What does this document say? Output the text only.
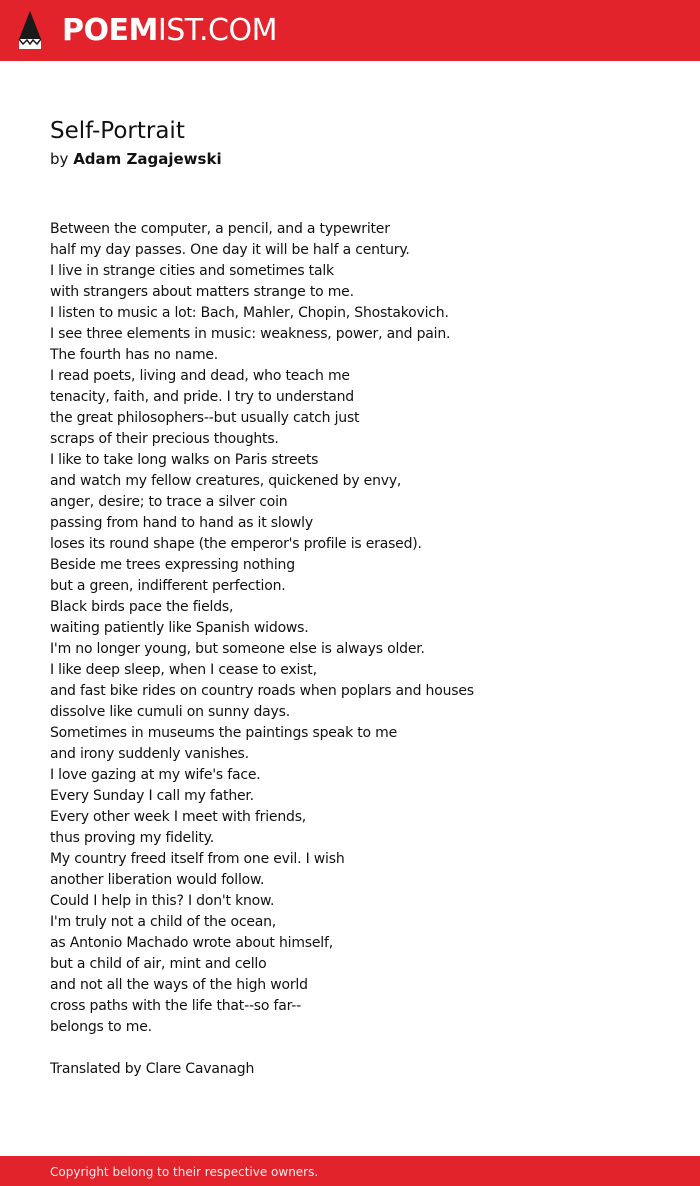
POEMIST.COM
Self-Portrait
by Adam Zagajewski
Between the computer, a pencil, and a typewriter
half my day passes. One day it will be half a century.
I live in strange cities and sometimes talk
with strangers about matters strange to me.
I listen to music a lot: Bach, Mahler, Chopin, Shostakovich.
I see three elements in music: weakness, power, and pain.
The fourth has no name.
I read poets, living and dead, who teach me
tenacity, faith, and pride. I try to understand
the great philosophers--but usually catch just
scraps of their precious thoughts.
I like to take long walks on Paris streets
and watch my fellow creatures, quickened by envy,
anger, desire; to trace a silver coin
passing from hand to hand as it slowly
loses its round shape (the emperor's profile is erased).
Beside me trees expressing nothing
but a green, indifferent perfection.
Black birds pace the fields,
waiting patiently like Spanish widows.
I'm no longer young, but someone else is always older.
I like deep sleep, when I cease to exist,
and fast bike rides on country roads when poplars and houses
dissolve like cumuli on sunny days.
Sometimes in museums the paintings speak to me
and irony suddenly vanishes.
I love gazing at my wife's face.
Every Sunday I call my father.
Every other week I meet with friends,
thus proving my fidelity.
My country freed itself from one evil. I wish
another liberation would follow.
Could I help in this? I don't know.
I'm truly not a child of the ocean,
as Antonio Machado wrote about himself,
but a child of air, mint and cello
and not all the ways of the high world
cross paths with the life that--so far--
belongs to me.
Translated by Clare Cavanagh
Copyright belong to their respective owners.
